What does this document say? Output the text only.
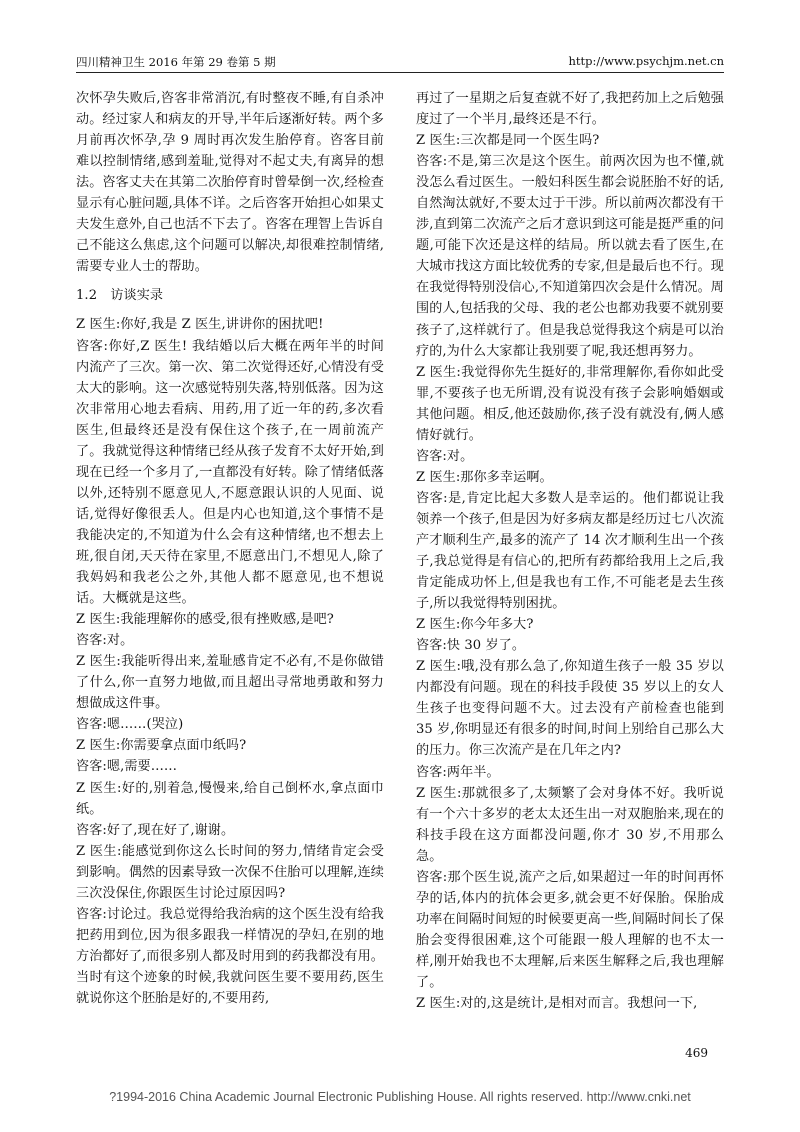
四川精神卫生 2016 年第 29 卷第 5 期	http://www.psychjm.net.cn

次怀孕失败后,咨客非常消沉,有时整夜不睡,有自杀冲动。经过家人和病友的开导,半年后逐渐好转。两个多月前再次怀孕,孕 9 周时再次发生胎停育。咨客目前难以控制情绪,感到羞耻,觉得对不起丈夫,有离异的想法。咨客丈夫在其第二次胎停育时曾晕倒一次,经检查显示有心脏问题,具体不详。之后咨客开始担心如果丈夫发生意外,自己也活不下去了。咨客在理智上告诉自己不能这么焦虑,这个问题可以解决,却很难控制情绪,需要专业人士的帮助。

1.2　访谈实录

Z 医生:你好,我是 Z 医生,讲讲你的困扰吧!

咨客:你好,Z 医生! 我结婚以后大概在两年半的时间内流产了三次。第一次、第二次觉得还好,心情没有受太大的影响。这一次感觉特别失落,特别低落。因为这次非常用心地去看病、用药,用了近一年的药,多次看医生,但最终还是没有保住这个孩子,在一周前流产了。我就觉得这种情绪已经从孩子发育不太好开始,到现在已经一个多月了,一直都没有好转。除了情绪低落以外,还特别不愿意见人,不愿意跟认识的人见面、说话,觉得好像很丢人。但是内心也知道,这个事情不是我能决定的,不知道为什么会有这种情绪,也不想去上班,很自闭,天天待在家里,不愿意出门,不想见人,除了我妈妈和我老公之外,其他人都不愿意见,也不想说话。大概就是这些。

Z 医生:我能理解你的感受,很有挫败感,是吧?

咨客:对。

Z 医生:我能听得出来,羞耻感肯定不必有,不是你做错了什么,你一直努力地做,而且超出寻常地勇敢和努力想做成这件事。

咨客:嗯……(哭泣)

Z 医生:你需要拿点面巾纸吗?

咨客:嗯,需要……

Z 医生:好的,别着急,慢慢来,给自己倒杯水,拿点面巾纸。

咨客:好了,现在好了,谢谢。

Z 医生:能感觉到你这么长时间的努力,情绪肯定会受到影响。偶然的因素导致一次保不住胎可以理解,连续三次没保住,你跟医生讨论过原因吗?

咨客:讨论过。我总觉得给我治病的这个医生没有给我把药用到位,因为很多跟我一样情况的孕妇,在别的地方治都好了,而很多别人都及时用到的药我都没有用。当时有这个迹象的时候,我就问医生要不要用药,医生就说你这个胚胎是好的,不要用药,

再过了一星期之后复查就不好了,我把药加上之后勉强度过了一个半月,最终还是不行。

Z 医生:三次都是同一个医生吗?

咨客:不是,第三次是这个医生。前两次因为也不懂,就没怎么看过医生。一般妇科医生都会说胚胎不好的话,自然淘汰就好,不要太过于干涉。所以前两次都没有干涉,直到第二次流产之后才意识到这可能是挺严重的问题,可能下次还是这样的结局。所以就去看了医生,在大城市找这方面比较优秀的专家,但是最后也不行。现在我觉得特别没信心,不知道第四次会是什么情况。周围的人,包括我的父母、我的老公也都劝我要不就别要孩子了,这样就行了。但是我总觉得我这个病是可以治疗的,为什么大家都让我别要了呢,我还想再努力。

Z 医生:我觉得你先生挺好的,非常理解你,看你如此受罪,不要孩子也无所谓,没有说没有孩子会影响婚姻或其他问题。相反,他还鼓励你,孩子没有就没有,俩人感情好就行。

咨客:对。

Z 医生:那你多幸运啊。

咨客:是,肯定比起大多数人是幸运的。他们都说让我领养一个孩子,但是因为好多病友都是经历过七八次流产才顺利生产,最多的流产了 14 次才顺利生出一个孩子,我总觉得是有信心的,把所有药都给我用上之后,我肯定能成功怀上,但是我也有工作,不可能老是去生孩子,所以我觉得特别困扰。

Z 医生:你今年多大?

咨客:快 30 岁了。

Z 医生:哦,没有那么急了,你知道生孩子一般 35 岁以内都没有问题。现在的科技手段使 35 岁以上的女人生孩子也变得问题不大。过去没有产前检查也能到 35 岁,你明显还有很多的时间,时间上别给自己那么大的压力。你三次流产是在几年之内?

咨客:两年半。

Z 医生:那就很多了,太频繁了会对身体不好。我听说有一个六十多岁的老太太还生出一对双胞胎来,现在的科技手段在这方面都没问题,你才 30 岁,不用那么急。

咨客:那个医生说,流产之后,如果超过一年的时间再怀孕的话,体内的抗体会更多,就会更不好保胎。保胎成功率在间隔时间短的时候要更高一些,间隔时间长了保胎会变得很困难,这个可能跟一般人理解的也不太一样,刚开始我也不太理解,后来医生解释之后,我也理解了。

Z 医生:对的,这是统计,是相对而言。我想问一下,

469
?1994-2016 China Academic Journal Electronic Publishing House. All rights reserved. http://www.cnki.net
